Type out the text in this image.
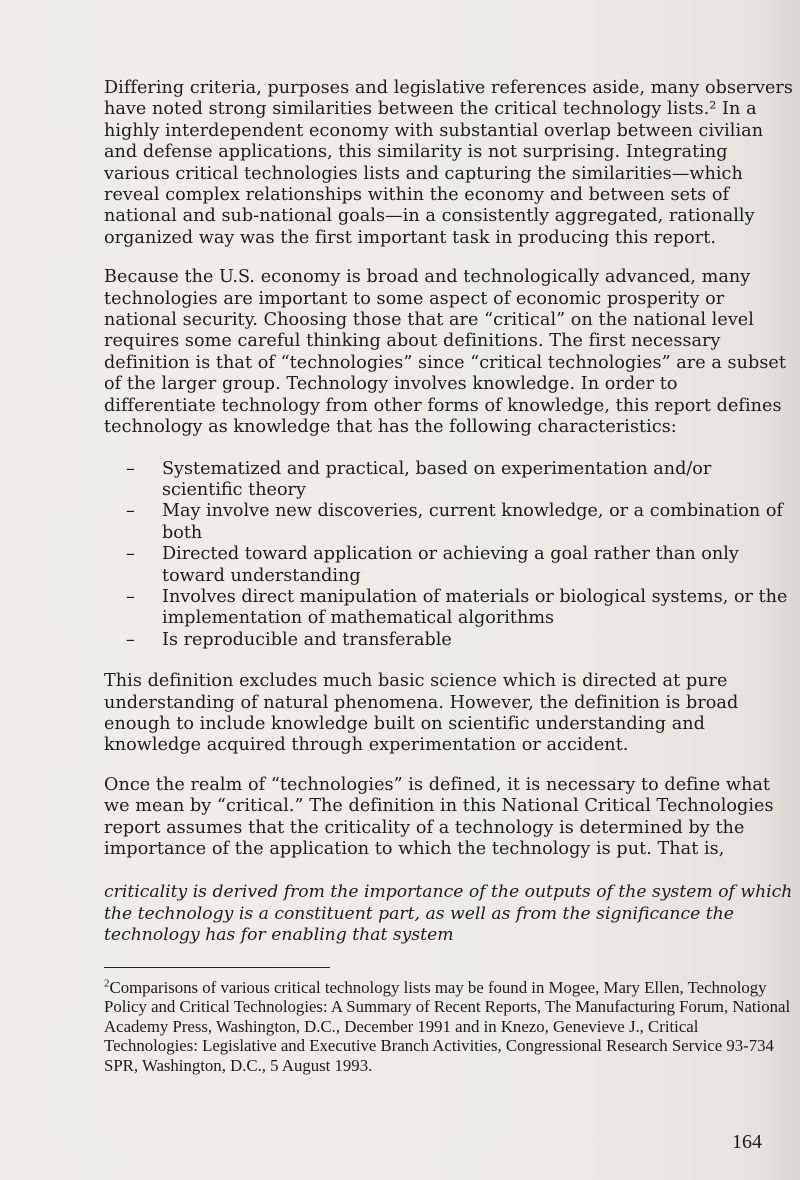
Differing criteria, purposes and legislative references aside, many observers have noted strong similarities between the critical technology lists.² In a highly interdependent economy with substantial overlap between civilian and defense applications, this similarity is not surprising. Integrating various critical technologies lists and capturing the similarities—which reveal complex relationships within the economy and between sets of national and sub-national goals—in a consistently aggregated, rationally organized way was the first important task in producing this report.

Because the U.S. economy is broad and technologically advanced, many technologies are important to some aspect of economic prosperity or national security. Choosing those that are “critical” on the national level requires some careful thinking about definitions. The first necessary definition is that of “technologies” since “critical technologies” are a subset of the larger group. Technology involves knowledge. In order to differentiate technology from other forms of knowledge, this report defines technology as knowledge that has the following characteristics:

– Systematized and practical, based on experimentation and/or scientific theory
– May involve new discoveries, current knowledge, or a combination of both
– Directed toward application or achieving a goal rather than only toward understanding
– Involves direct manipulation of materials or biological systems, or the implementation of mathematical algorithms
– Is reproducible and transferable

This definition excludes much basic science which is directed at pure understanding of natural phenomena. However, the definition is broad enough to include knowledge built on scientific understanding and knowledge acquired through experimentation or accident.

Once the realm of “technologies” is defined, it is necessary to define what we mean by “critical.” The definition in this National Critical Technologies report assumes that the criticality of a technology is determined by the importance of the application to which the technology is put. That is,

criticality is derived from the importance of the outputs of the system of which the technology is a constituent part, as well as from the significance the technology has for enabling that system

$^2$Comparisons of various critical technology lists may be found in Mogee, Mary Ellen, Technology Policy and Critical Technologies: A Summary of Recent Reports, The Manufacturing Forum, National Academy Press, Washington, D.C., December 1991 and in Knezo, Genevieve J., Critical Technologies: Legislative and Executive Branch Activities, Congressional Research Service 93-734 SPR, Washington, D.C., 5 August 1993.

164
